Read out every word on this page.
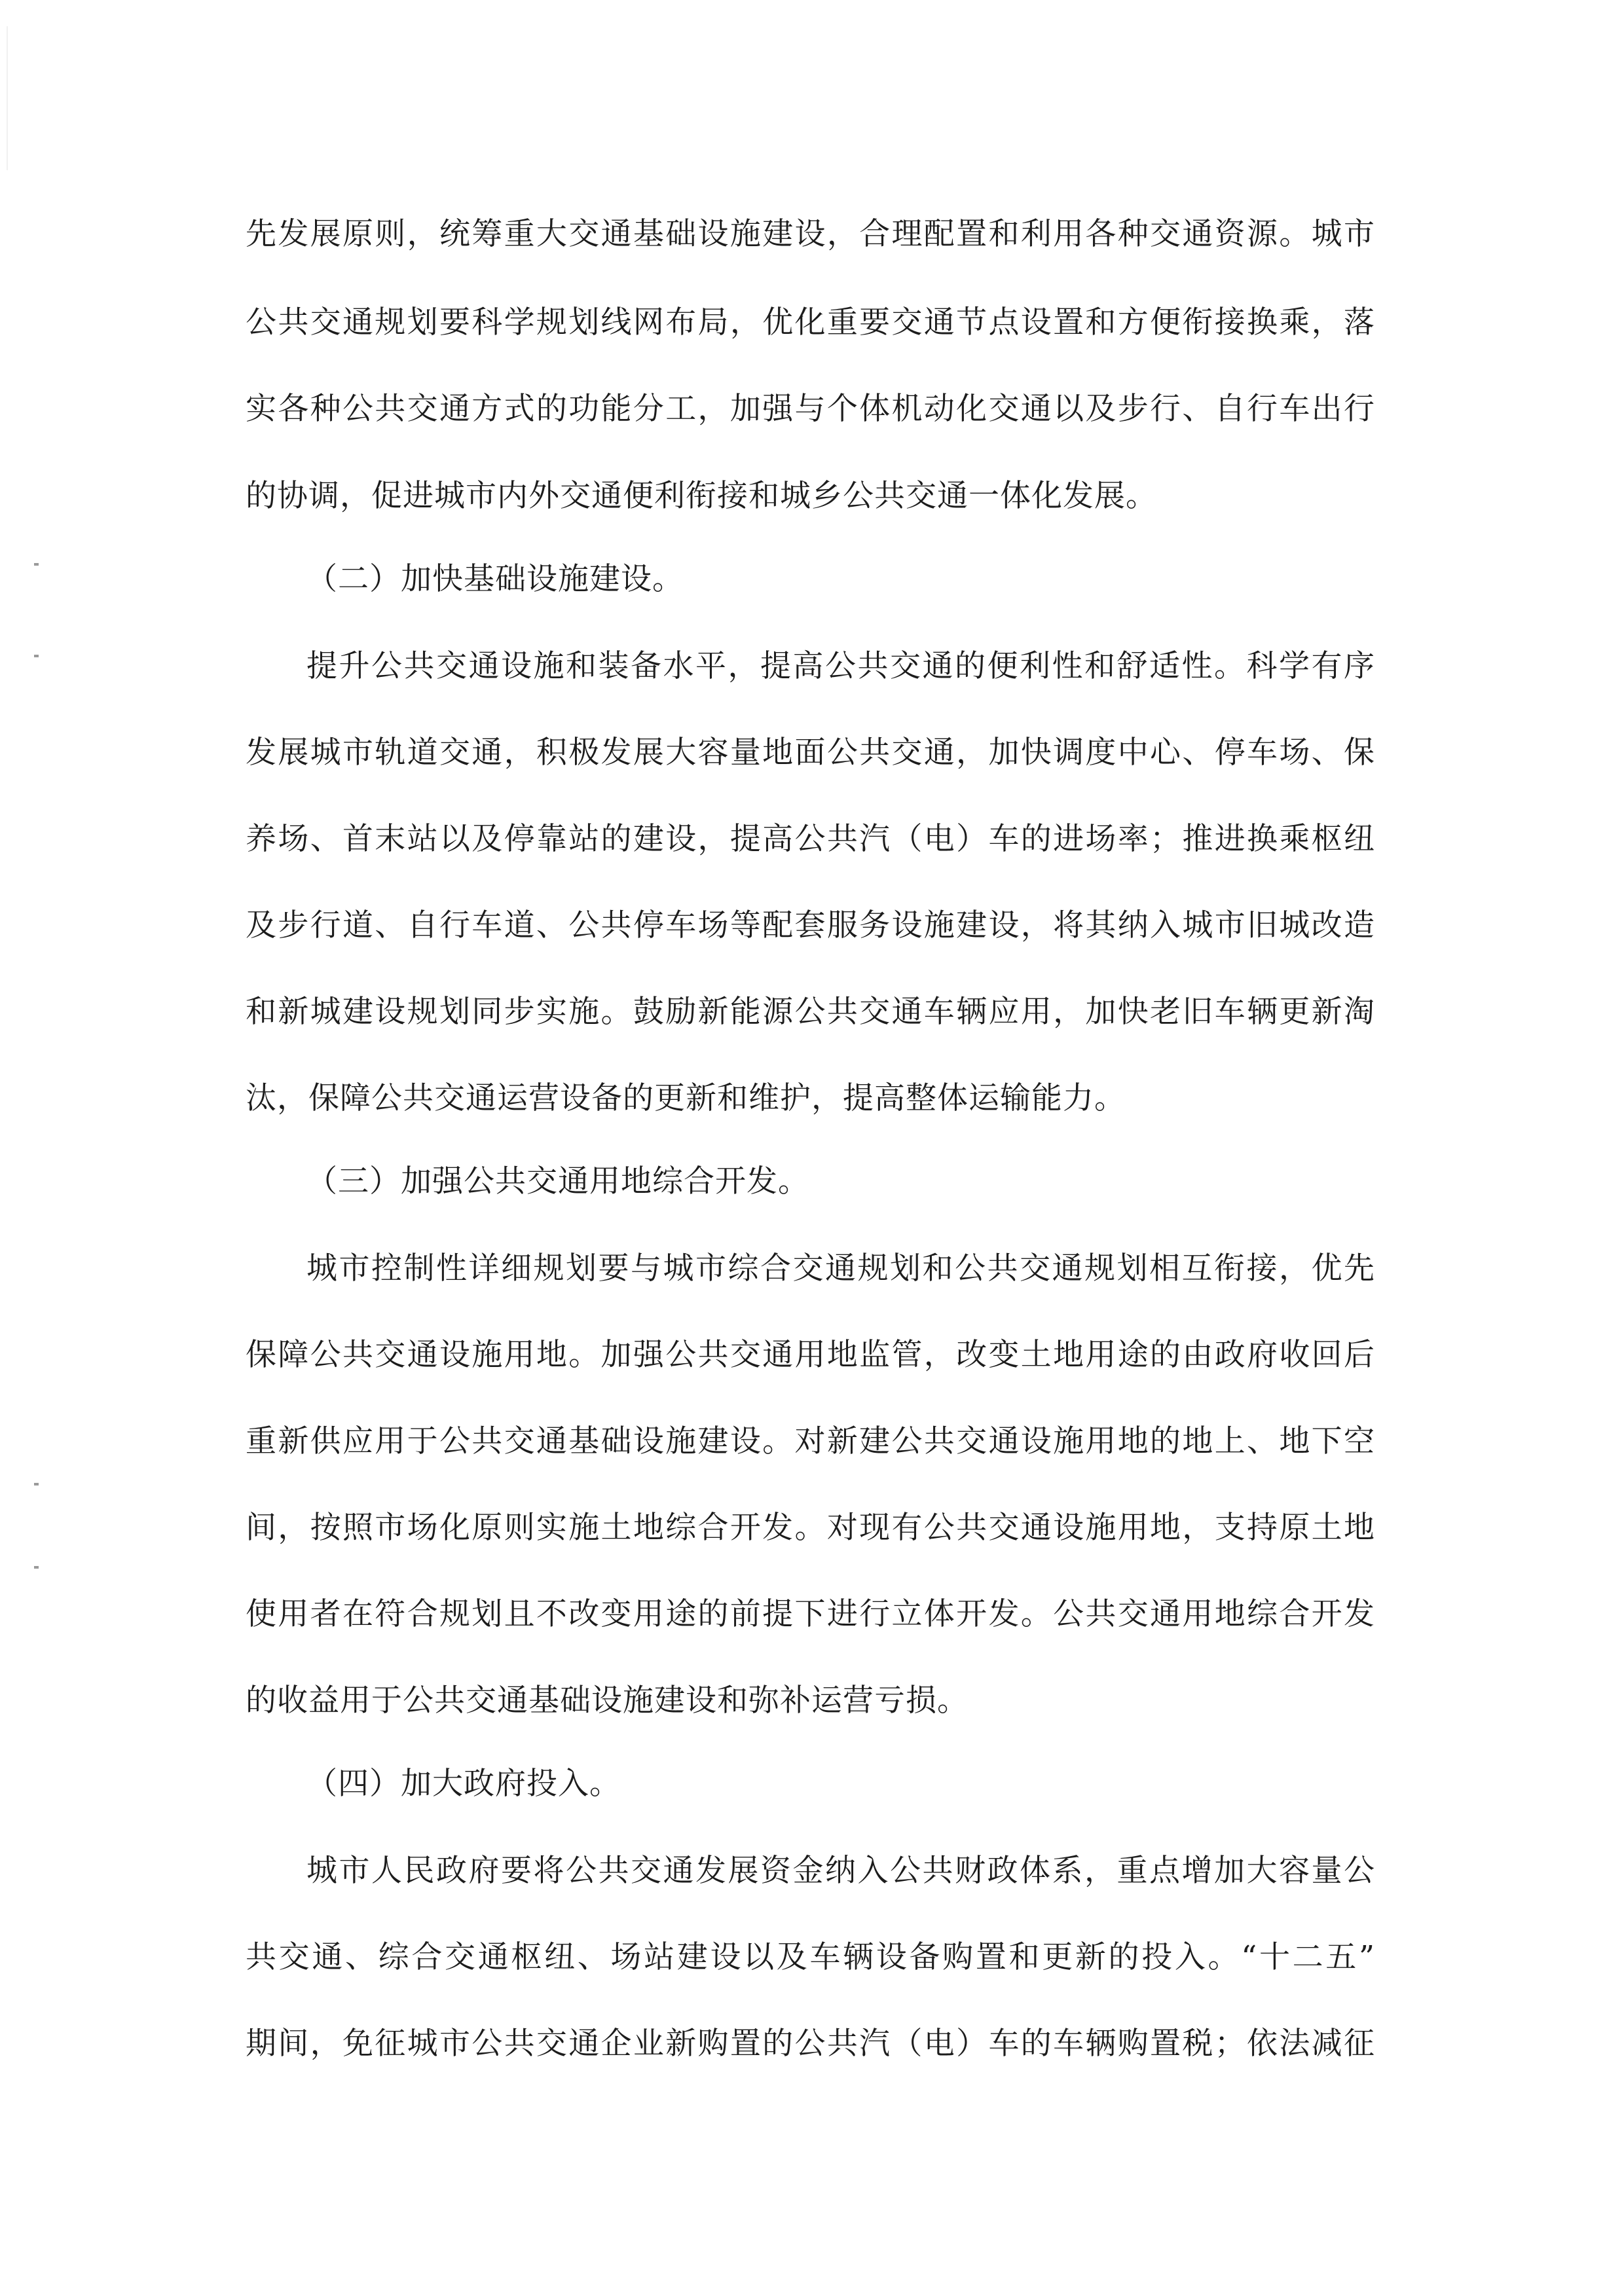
先发展原则，统筹重大交通基础设施建设，合理配置和利用各种交通资源。城市
公共交通规划要科学规划线网布局，优化重要交通节点设置和方便衔接换乘，落
实各种公共交通方式的功能分工，加强与个体机动化交通以及步行、自行车出行
的协调，促进城市内外交通便利衔接和城乡公共交通一体化发展。
（二）加快基础设施建设。
提升公共交通设施和装备水平，提高公共交通的便利性和舒适性。科学有序
发展城市轨道交通，积极发展大容量地面公共交通，加快调度中心、停车场、保
养场、首末站以及停靠站的建设，提高公共汽（电）车的进场率；推进换乘枢纽
及步行道、自行车道、公共停车场等配套服务设施建设，将其纳入城市旧城改造
和新城建设规划同步实施。鼓励新能源公共交通车辆应用，加快老旧车辆更新淘
汰，保障公共交通运营设备的更新和维护，提高整体运输能力。
（三）加强公共交通用地综合开发。
城市控制性详细规划要与城市综合交通规划和公共交通规划相互衔接，优先
保障公共交通设施用地。加强公共交通用地监管，改变土地用途的由政府收回后
重新供应用于公共交通基础设施建设。对新建公共交通设施用地的地上、地下空
间，按照市场化原则实施土地综合开发。对现有公共交通设施用地，支持原土地
使用者在符合规划且不改变用途的前提下进行立体开发。公共交通用地综合开发
的收益用于公共交通基础设施建设和弥补运营亏损。
（四）加大政府投入。
城市人民政府要将公共交通发展资金纳入公共财政体系，重点增加大容量公
共交通、综合交通枢纽、场站建设以及车辆设备购置和更新的投入。“十二五”
期间，免征城市公共交通企业新购置的公共汽（电）车的车辆购置税；依法减征
